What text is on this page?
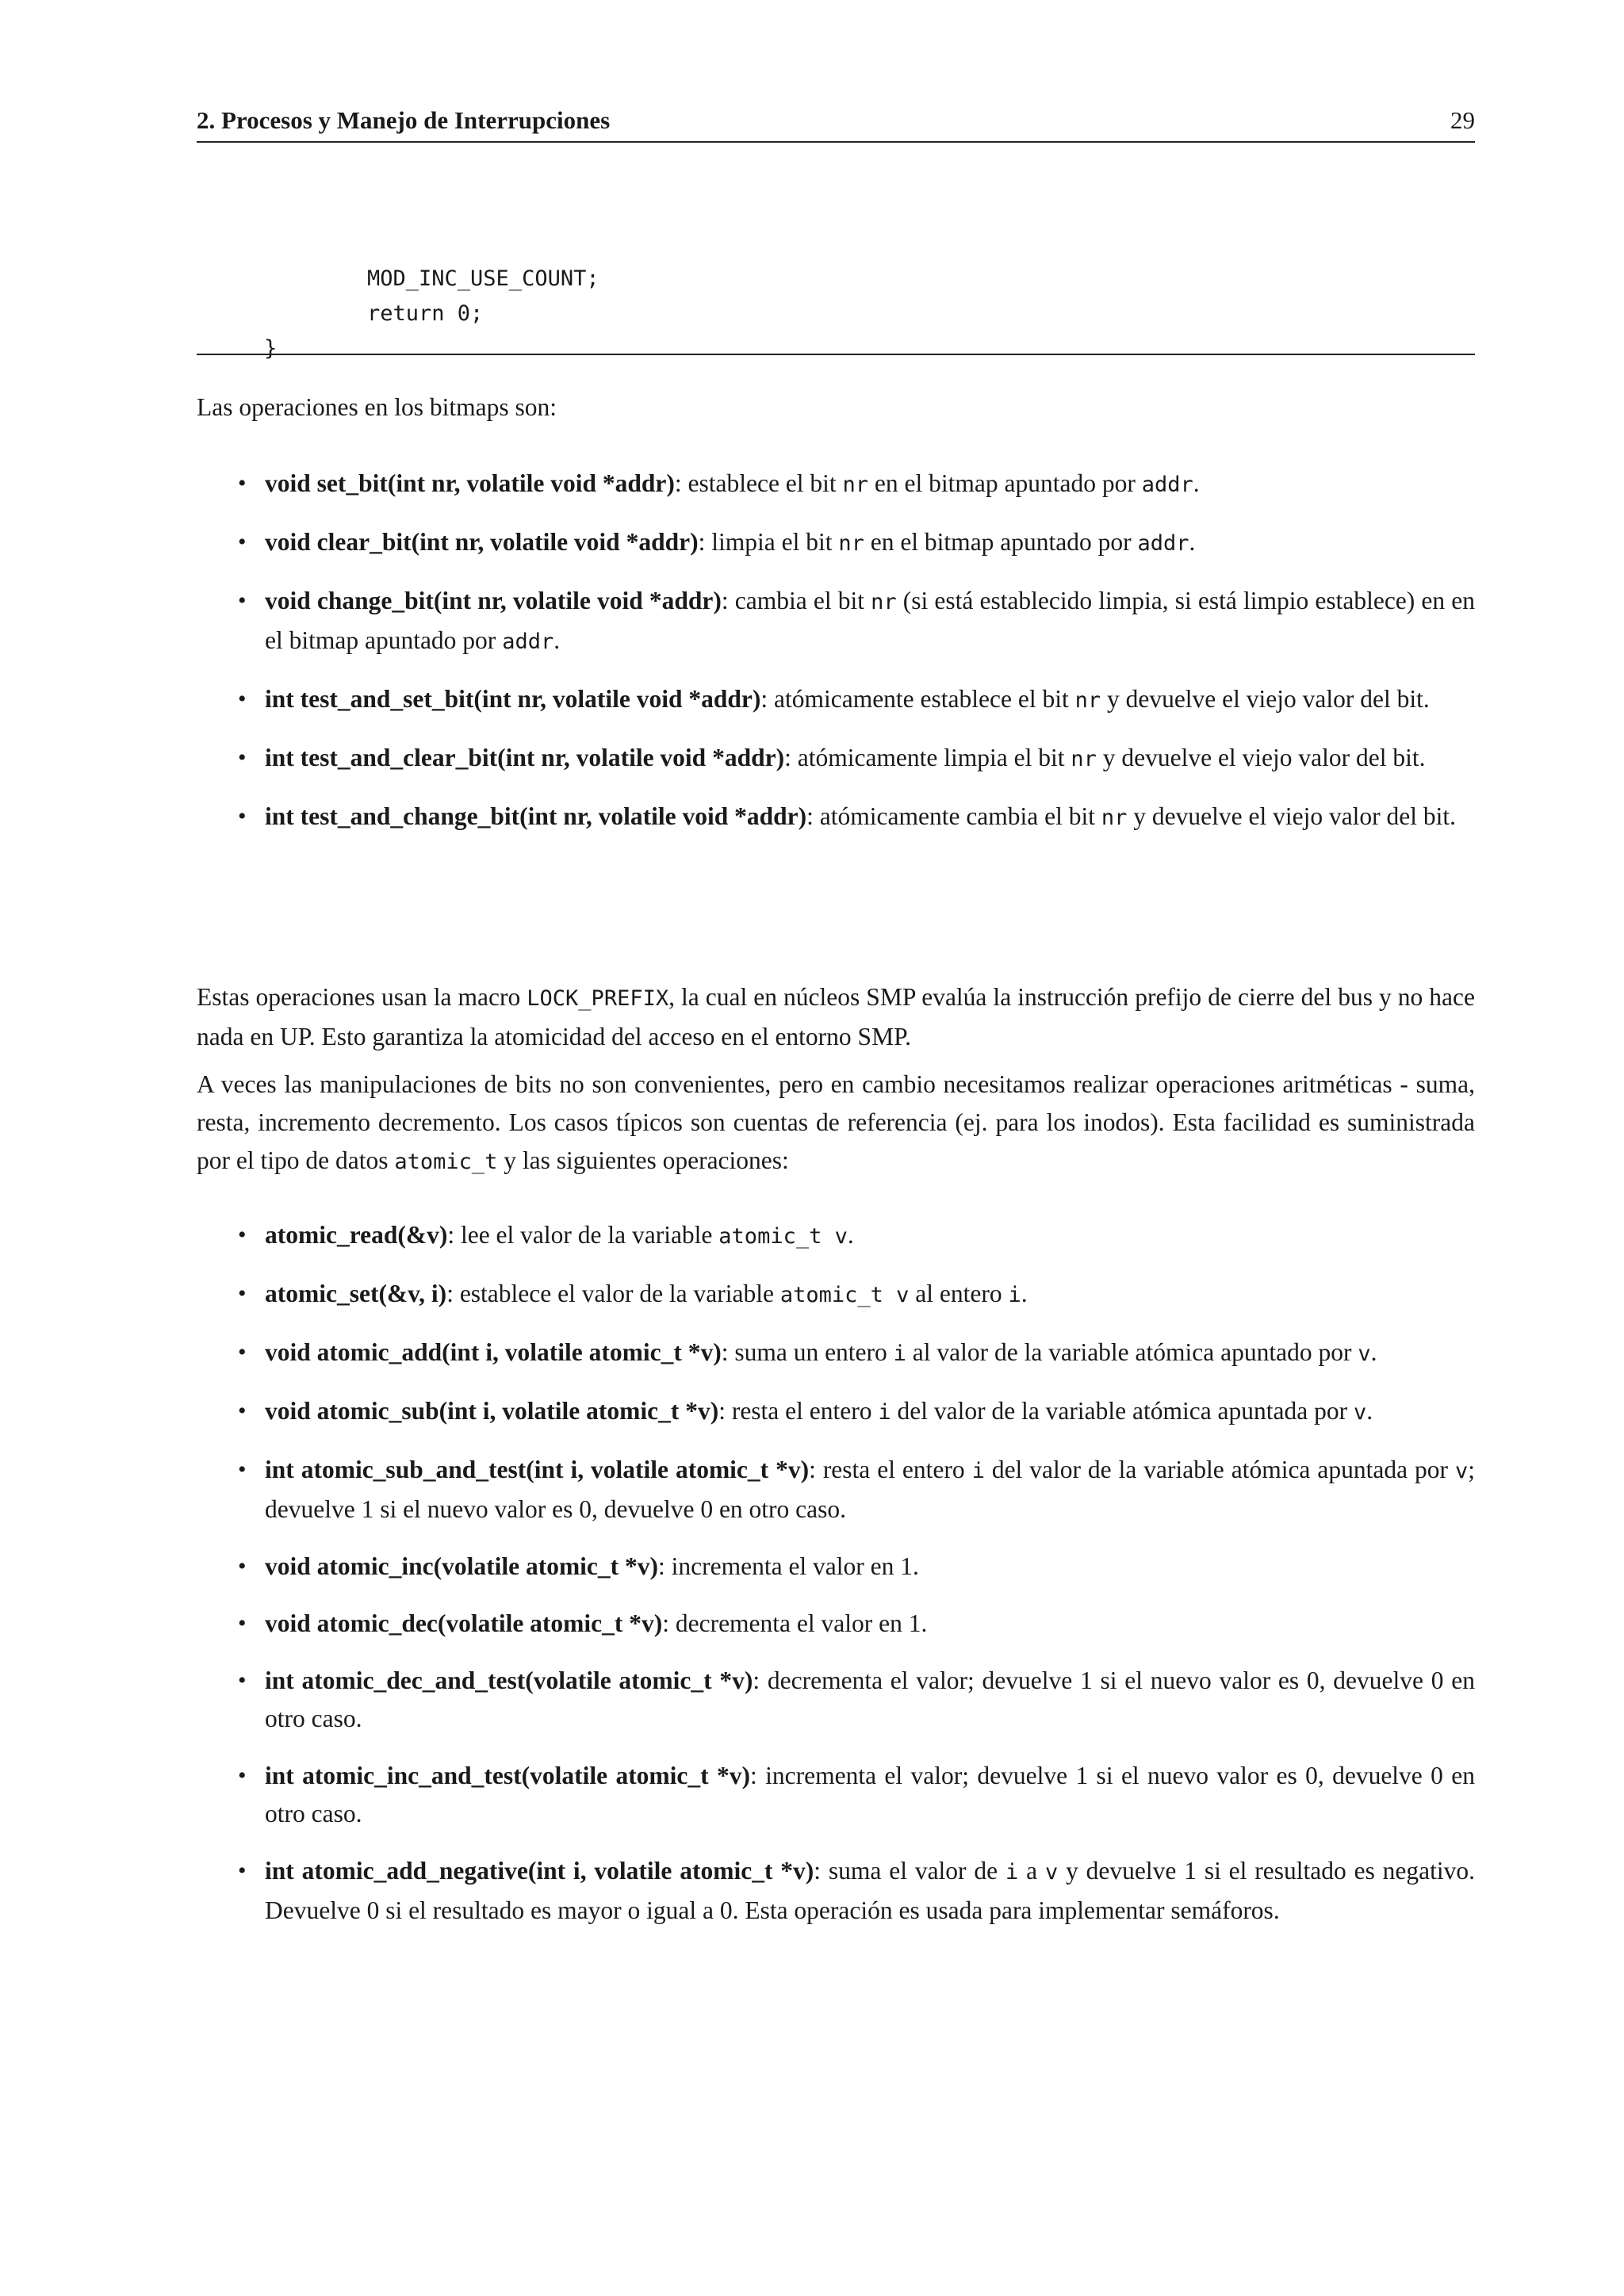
2. Procesos y Manejo de Interrupciones	29
MOD_INC_USE_COUNT;
return 0;
}
Las operaciones en los bitmaps son:
• void set_bit(int nr, volatile void *addr): establece el bit nr en el bitmap apuntado por addr.
• void clear_bit(int nr, volatile void *addr): limpia el bit nr en el bitmap apuntado por addr.
• void change_bit(int nr, volatile void *addr): cambia el bit nr (si está establecido limpia, si está limpio establece) en en el bitmap apuntado por addr.
• int test_and_set_bit(int nr, volatile void *addr): atómicamente establece el bit nr y devuelve el viejo valor del bit.
• int test_and_clear_bit(int nr, volatile void *addr): atómicamente limpia el bit nr y devuelve el viejo valor del bit.
• int test_and_change_bit(int nr, volatile void *addr): atómicamente cambia el bit nr y devuelve el viejo valor del bit.
Estas operaciones usan la macro LOCK_PREFIX, la cual en núcleos SMP evalúa la instrucción prefijo de cierre del bus y no hace nada en UP. Esto garantiza la atomicidad del acceso en el entorno SMP.
A veces las manipulaciones de bits no son convenientes, pero en cambio necesitamos realizar operaciones aritméticas - suma, resta, incremento decremento. Los casos típicos son cuentas de referencia (ej. para los inodos). Esta facilidad es suministrada por el tipo de datos atomic_t y las siguientes operaciones:
• atomic_read(&v): lee el valor de la variable atomic_t v.
• atomic_set(&v, i): establece el valor de la variable atomic_t v al entero i.
• void atomic_add(int i, volatile atomic_t *v): suma un entero i al valor de la variable atómica apuntado por v.
• void atomic_sub(int i, volatile atomic_t *v): resta el entero i del valor de la variable atómica apuntada por v.
• int atomic_sub_and_test(int i, volatile atomic_t *v): resta el entero i del valor de la variable atómica apuntada por v; devuelve 1 si el nuevo valor es 0, devuelve 0 en otro caso.
• void atomic_inc(volatile atomic_t *v): incrementa el valor en 1.
• void atomic_dec(volatile atomic_t *v): decrementa el valor en 1.
• int atomic_dec_and_test(volatile atomic_t *v): decrementa el valor; devuelve 1 si el nuevo valor es 0, devuelve 0 en otro caso.
• int atomic_inc_and_test(volatile atomic_t *v): incrementa el valor; devuelve 1 si el nuevo valor es 0, devuelve 0 en otro caso.
• int atomic_add_negative(int i, volatile atomic_t *v): suma el valor de i a v y devuelve 1 si el resultado es negativo. Devuelve 0 si el resultado es mayor o igual a 0. Esta operación es usada para implementar semáforos.
